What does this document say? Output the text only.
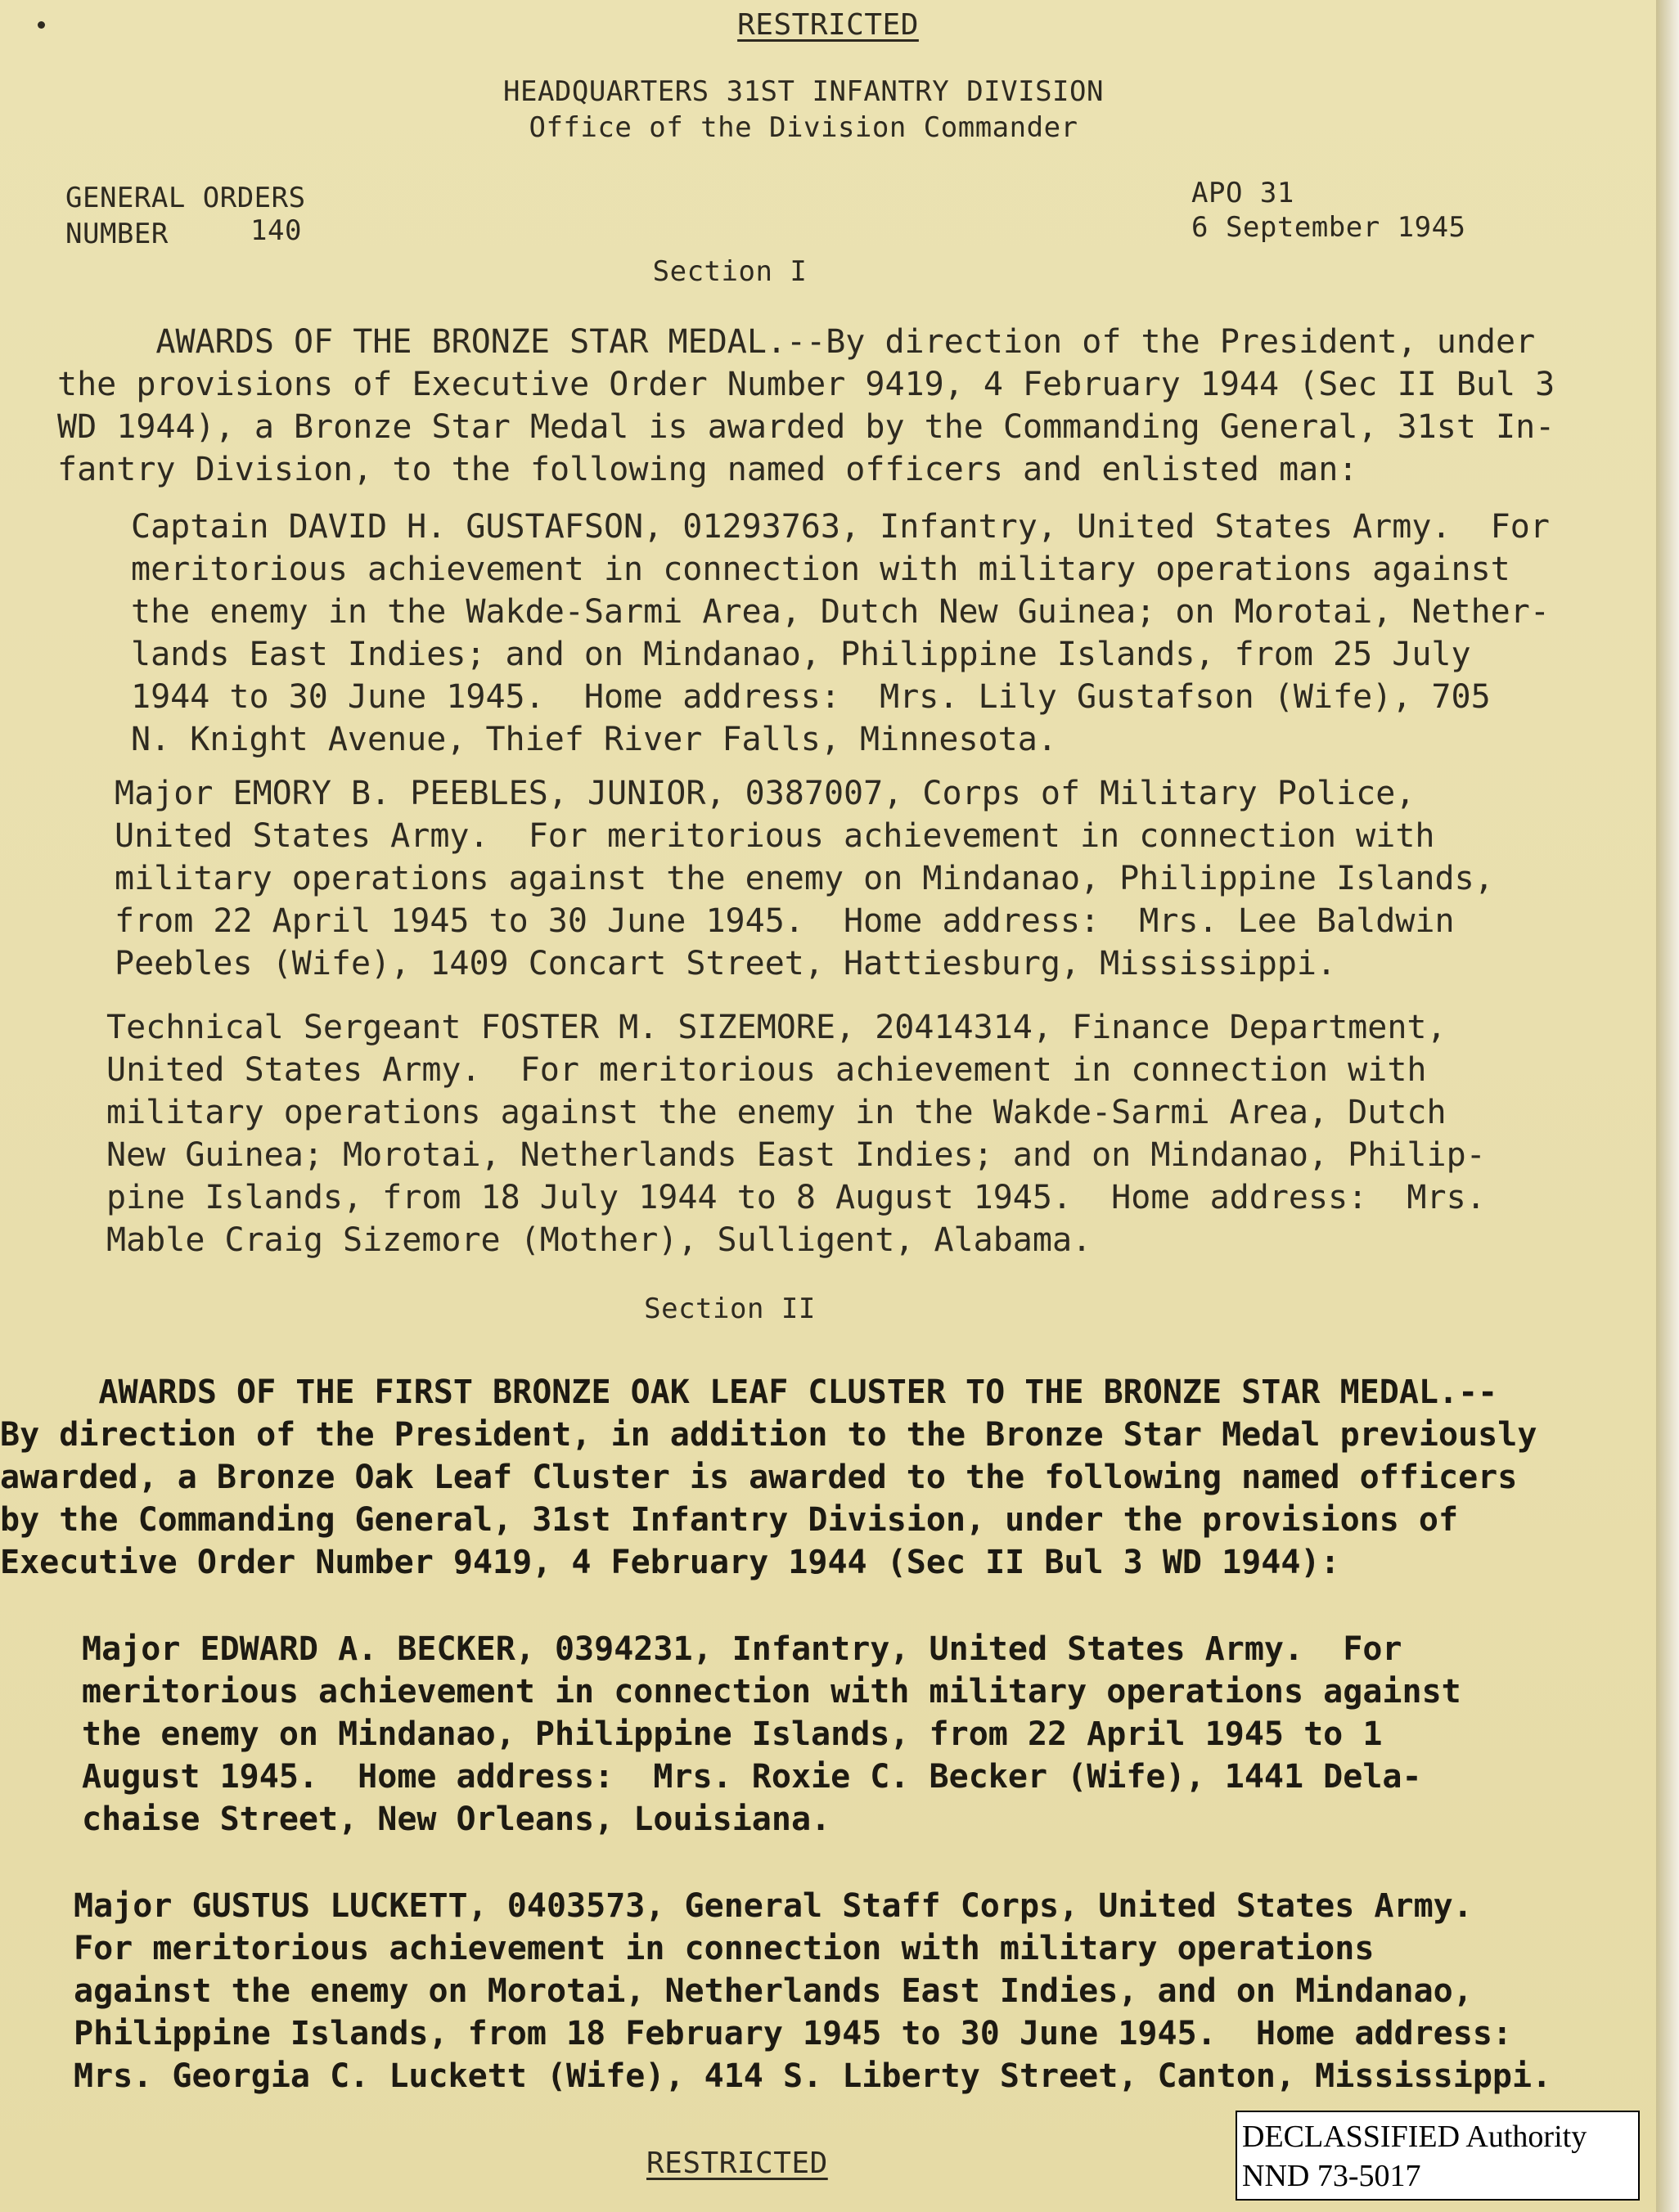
RESTRICTED

HEADQUARTERS 31ST INFANTRY DIVISION

Office of the Division Commander

GENERAL ORDERS

NUMBER	140

APO 31

6 September 1945

Section I

AWARDS OF THE BRONZE STAR MEDAL.--By direction of the President, under
the provisions of Executive Order Number 9419, 4 February 1944 (Sec II Bul 3
WD 1944), a Bronze Star Medal is awarded by the Commanding General, 31st In-
fantry Division, to the following named officers and enlisted man:
Captain DAVID H. GUSTAFSON, 01293763, Infantry, United States Army.  For
meritorious achievement in connection with military operations against
the enemy in the Wakde-Sarmi Area, Dutch New Guinea; on Morotai, Nether-
lands East Indies; and on Mindanao, Philippine Islands, from 25 July
1944 to 30 June 1945.  Home address:  Mrs. Lily Gustafson (Wife), 705
N. Knight Avenue, Thief River Falls, Minnesota.
Major EMORY B. PEEBLES, JUNIOR, 0387007, Corps of Military Police,
United States Army.  For meritorious achievement in connection with
military operations against the enemy on Mindanao, Philippine Islands,
from 22 April 1945 to 30 June 1945.  Home address:  Mrs. Lee Baldwin
Peebles (Wife), 1409 Concart Street, Hattiesburg, Mississippi.
Technical Sergeant FOSTER M. SIZEMORE, 20414314, Finance Department,
United States Army.  For meritorious achievement in connection with
military operations against the enemy in the Wakde-Sarmi Area, Dutch
New Guinea; Morotai, Netherlands East Indies; and on Mindanao, Philip-
pine Islands, from 18 July 1944 to 8 August 1945.  Home address:  Mrs.
Mable Craig Sizemore (Mother), Sulligent, Alabama.

Section II

AWARDS OF THE FIRST BRONZE OAK LEAF CLUSTER TO THE BRONZE STAR MEDAL.--
By direction of the President, in addition to the Bronze Star Medal previously
awarded, a Bronze Oak Leaf Cluster is awarded to the following named officers
by the Commanding General, 31st Infantry Division, under the provisions of
Executive Order Number 9419, 4 February 1944 (Sec II Bul 3 WD 1944):
Major EDWARD A. BECKER, 0394231, Infantry, United States Army.  For
meritorious achievement in connection with military operations against
the enemy on Mindanao, Philippine Islands, from 22 April 1945 to 1
August 1945.  Home address:  Mrs. Roxie C. Becker (Wife), 1441 Dela-
chaise Street, New Orleans, Louisiana.
Major GUSTUS LUCKETT, 0403573, General Staff Corps, United States Army.
For meritorious achievement in connection with military operations
against the enemy on Morotai, Netherlands East Indies, and on Mindanao,
Philippine Islands, from 18 February 1945 to 30 June 1945.  Home address:
Mrs. Georgia C. Luckett (Wife), 414 S. Liberty Street, Canton, Mississippi.

RESTRICTED

DECLASSIFIED Authority
NND 73-5017
